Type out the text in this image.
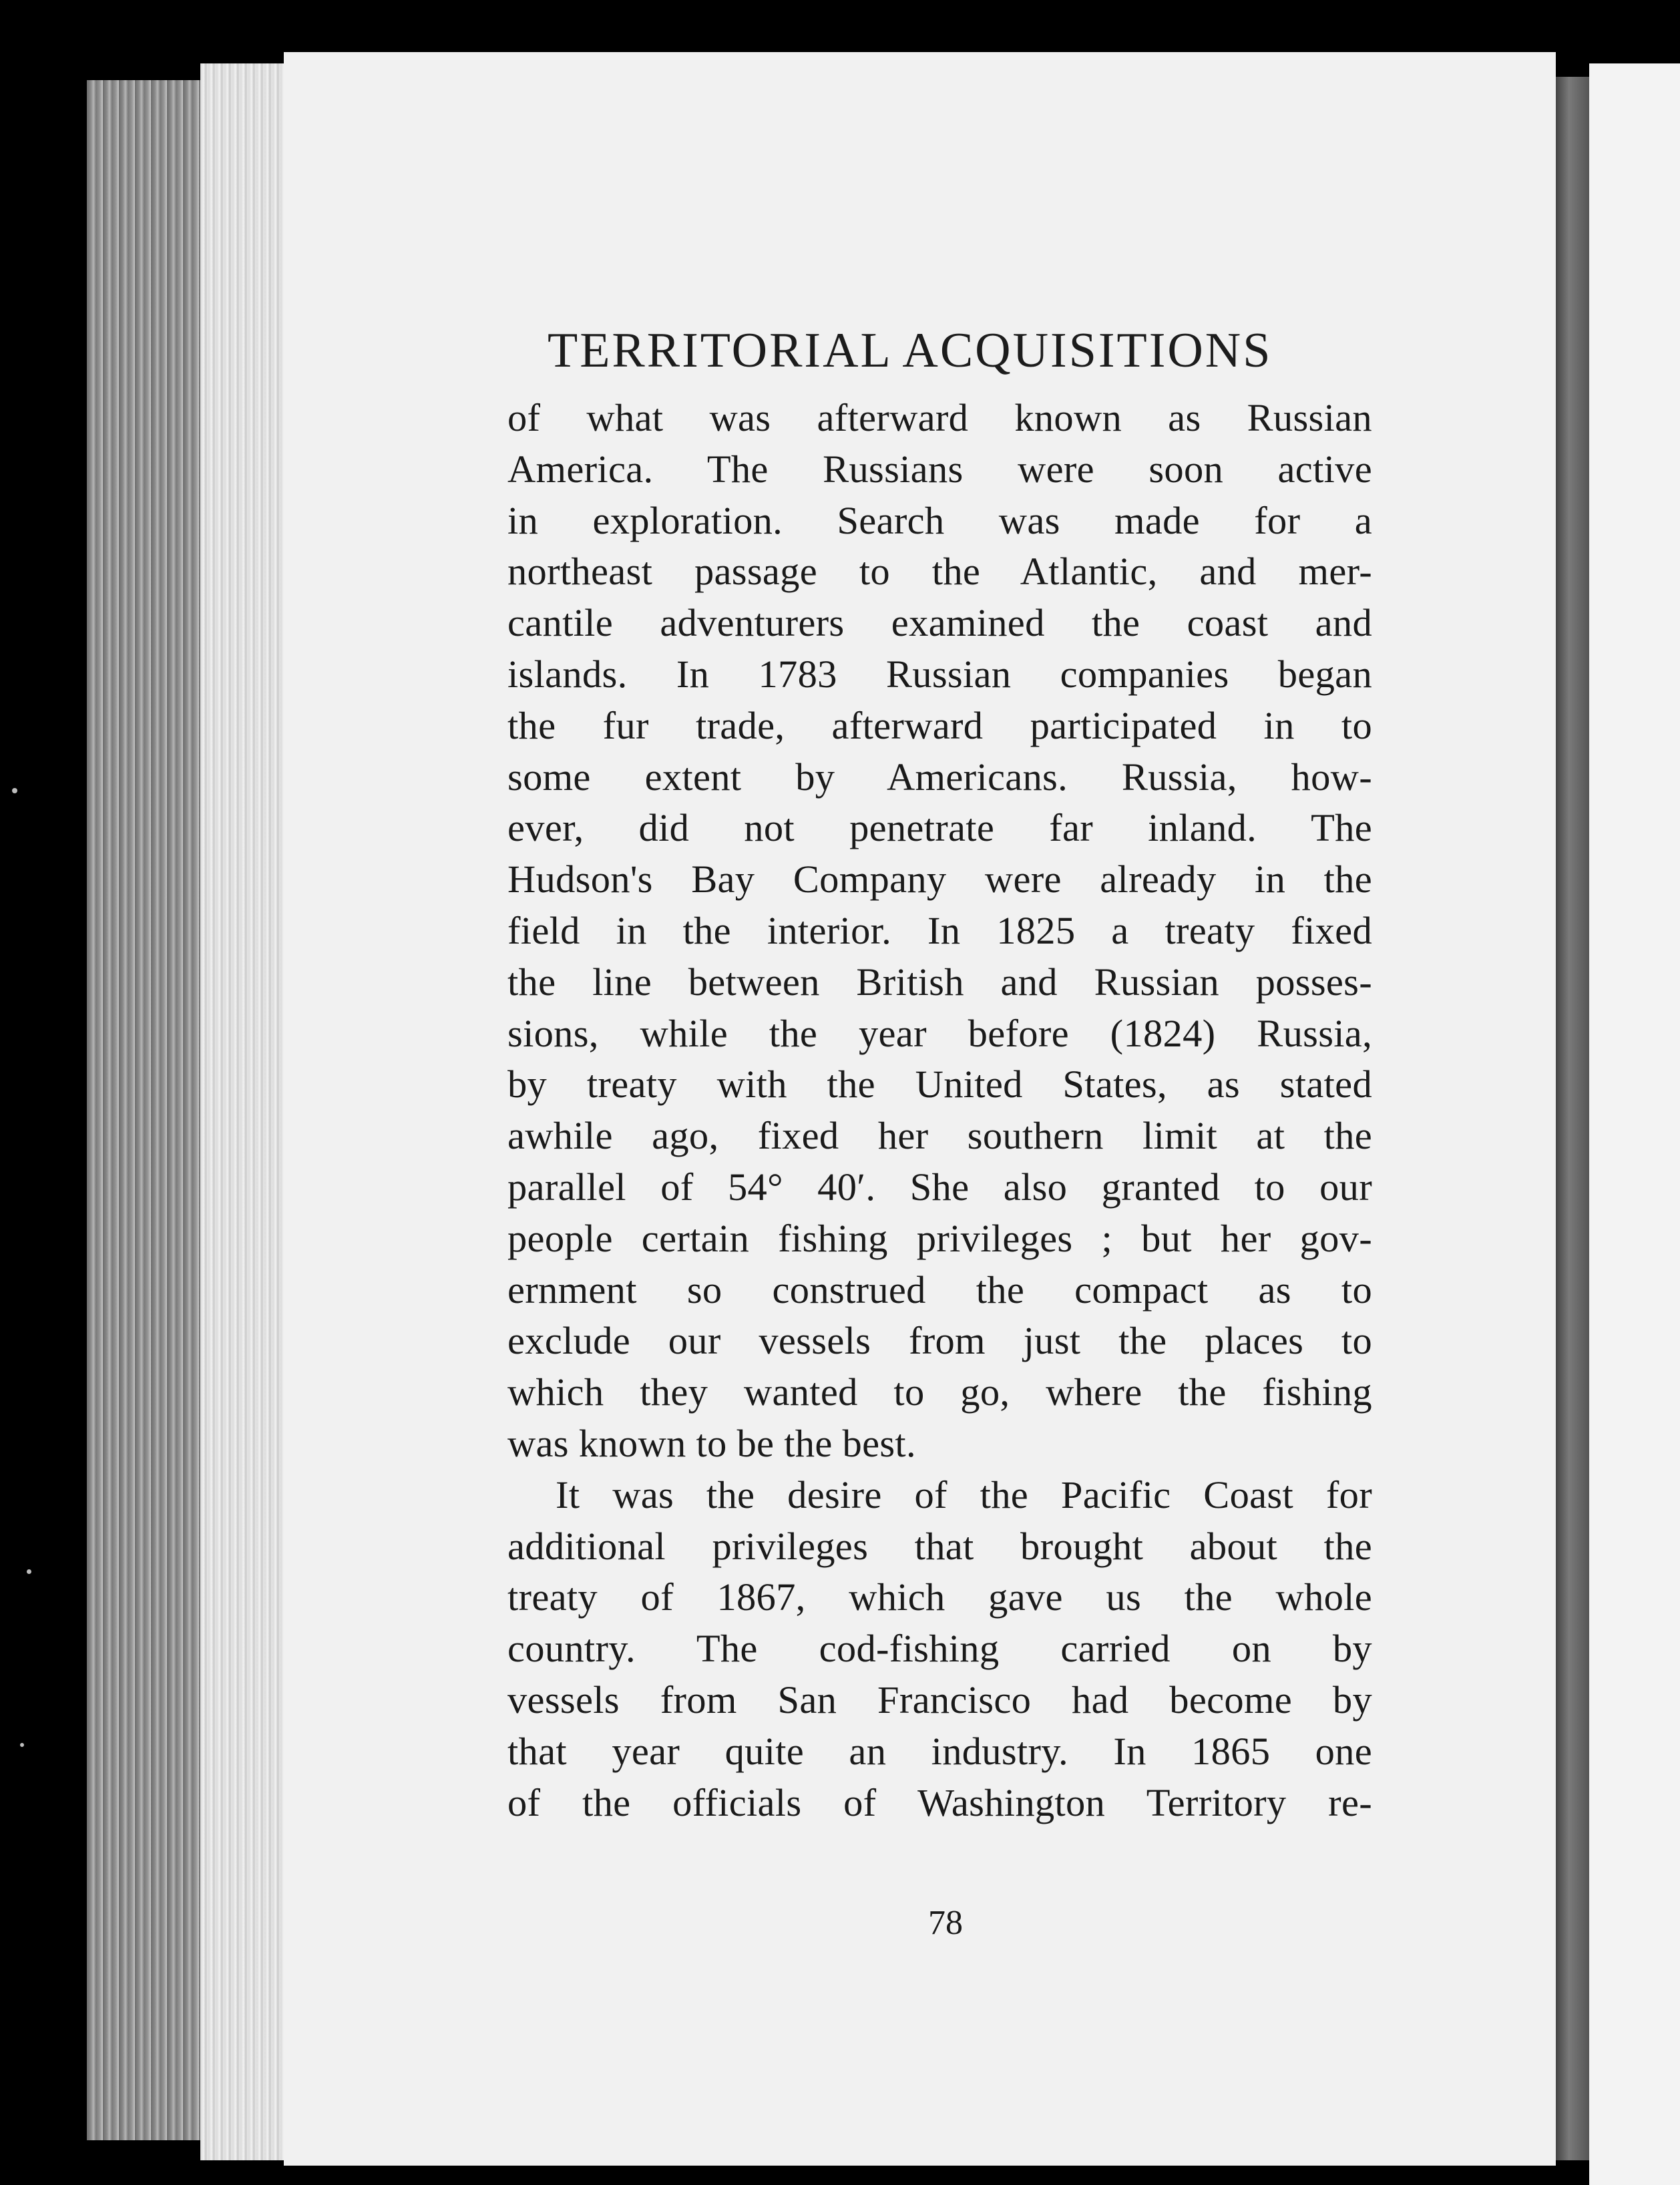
TERRITORIAL ACQUISITIONS
of what was afterward known as Russian
America. The Russians were soon active
in exploration. Search was made for a
northeast passage to the Atlantic, and mer-
cantile adventurers examined the coast and
islands. In 1783 Russian companies began
the fur trade, afterward participated in to
some extent by Americans. Russia, how-
ever, did not penetrate far inland. The
Hudson's Bay Company were already in the
field in the interior. In 1825 a treaty fixed
the line between British and Russian posses-
sions, while the year before (1824) Russia,
by treaty with the United States, as stated
awhile ago, fixed her southern limit at the
parallel of 54° 40′. She also granted to our
people certain fishing privileges ; but her gov-
ernment so construed the compact as to
exclude our vessels from just the places to
which they wanted to go, where the fishing
was known to be the best.
It was the desire of the Pacific Coast for
additional privileges that brought about the
treaty of 1867, which gave us the whole
country. The cod-fishing carried on by
vessels from San Francisco had become by
that year quite an industry. In 1865 one
of the officials of Washington Territory re-
78
